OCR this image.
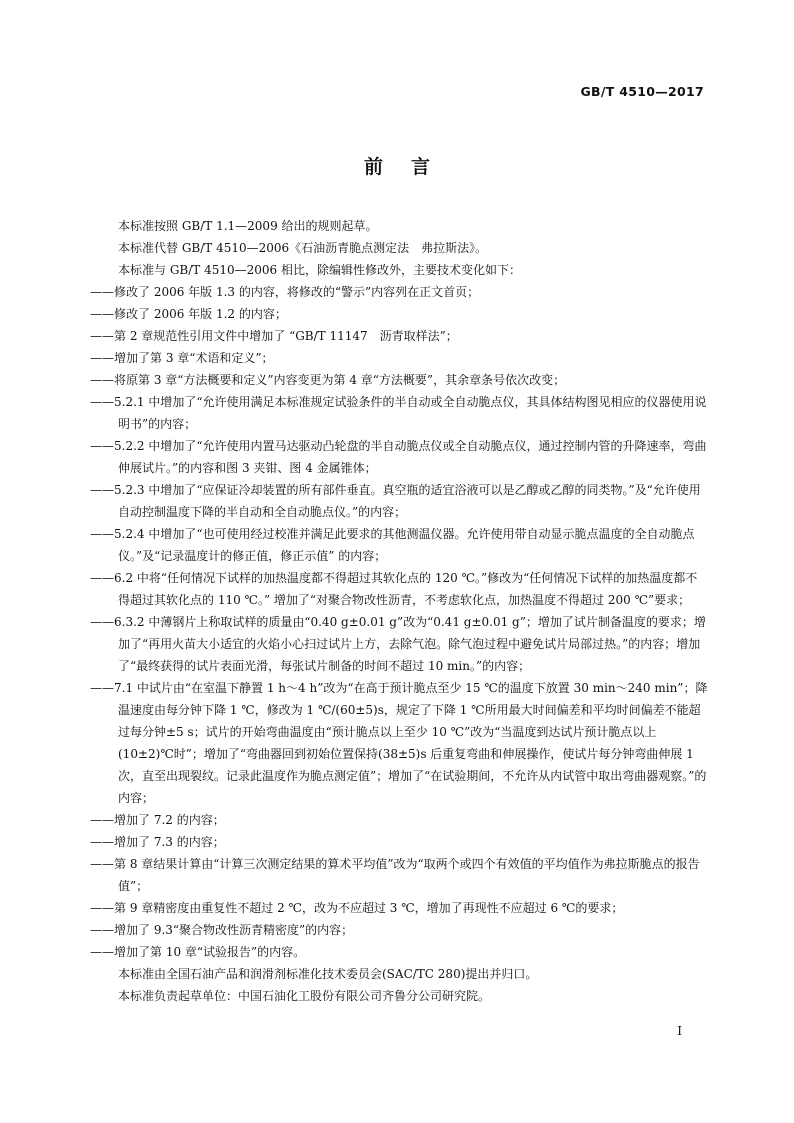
GB/T 4510—2017
前言

本标准按照 GB/T 1.1—2009 给出的规则起草。

本标准代替 GB/T 4510—2006《石油沥青脆点测定法　弗拉斯法》。

本标准与 GB/T 4510—2006 相比，除编辑性修改外，主要技术变化如下：

——修改了 2006 年版 1.3 的内容，将修改的“警示”内容列在正文首页；

——修改了 2006 年版 1.2 的内容；

——第 2 章规范性引用文件中增加了 “GB/T 11147　沥青取样法”；

——增加了第 3 章“术语和定义”；

——将原第 3 章“方法概要和定义”内容变更为第 4 章“方法概要”，其余章条号依次改变；

——5.2.1 中增加了“允许使用满足本标准规定试验条件的半自动或全自动脆点仪，其具体结构图见相应的仪器使用说明书”的内容；

——5.2.2 中增加了“允许使用内置马达驱动凸轮盘的半自动脆点仪或全自动脆点仪，通过控制内管的升降速率，弯曲伸展试片。”的内容和图 3 夹钳、图 4 金属锥体；

——5.2.3 中增加了“应保证冷却装置的所有部件垂直。真空瓶的适宜浴液可以是乙醇或乙醇的同类物。”及“允许使用自动控制温度下降的半自动和全自动脆点仪。”的内容；

——5.2.4 中增加了“也可使用经过校准并满足此要求的其他测温仪器。允许使用带自动显示脆点温度的全自动脆点仪。”及“记录温度计的修正值，修正示值” 的内容；

——6.2 中将“任何情况下试样的加热温度都不得超过其软化点的 120 ℃。”修改为“任何情况下试样的加热温度都不得超过其软化点的 110 ℃。” 增加了“对聚合物改性沥青，不考虑软化点，加热温度不得超过 200 ℃”要求；

——6.3.2 中薄钢片上称取试样的质量由“0.40 g±0.01 g”改为“0.41 g±0.01 g”；增加了试片制备温度的要求；增加了“再用火苗大小适宜的火焰小心扫过试片上方，去除气泡。除气泡过程中避免试片局部过热。”的内容；增加了“最终获得的试片表面光滑，每张试片制备的时间不超过 10 min。”的内容；

——7.1 中试片由“在室温下静置 1 h～4 h”改为“在高于预计脆点至少 15 ℃的温度下放置 30 min～240 min”；降温速度由每分钟下降 1 ℃，修改为 1 ℃/(60±5)s，规定了下降 1 ℃所用最大时间偏差和平均时间偏差不能超过每分钟±5 s；试片的开始弯曲温度由“预计脆点以上至少 10 ℃”改为“当温度到达试片预计脆点以上(10±2)℃时”；增加了“弯曲器回到初始位置保持(38±5)s 后重复弯曲和伸展操作，使试片每分钟弯曲伸展 1 次，直至出现裂纹。记录此温度作为脆点测定值”；增加了“在试验期间，不允许从内试管中取出弯曲器观察。”的内容；

——增加了 7.2 的内容；

——增加了 7.3 的内容；

——第 8 章结果计算由“计算三次测定结果的算术平均值”改为“取两个或四个有效值的平均值作为弗拉斯脆点的报告值”；

——第 9 章精密度由重复性不超过 2 ℃，改为不应超过 3 ℃，增加了再现性不应超过 6 ℃的要求；

——增加了 9.3“聚合物改性沥青精密度”的内容；

——增加了第 10 章“试验报告”的内容。

本标准由全国石油产品和润滑剂标准化技术委员会(SAC/TC 280)提出并归口。

本标准负责起草单位：中国石油化工股份有限公司齐鲁分公司研究院。

I
